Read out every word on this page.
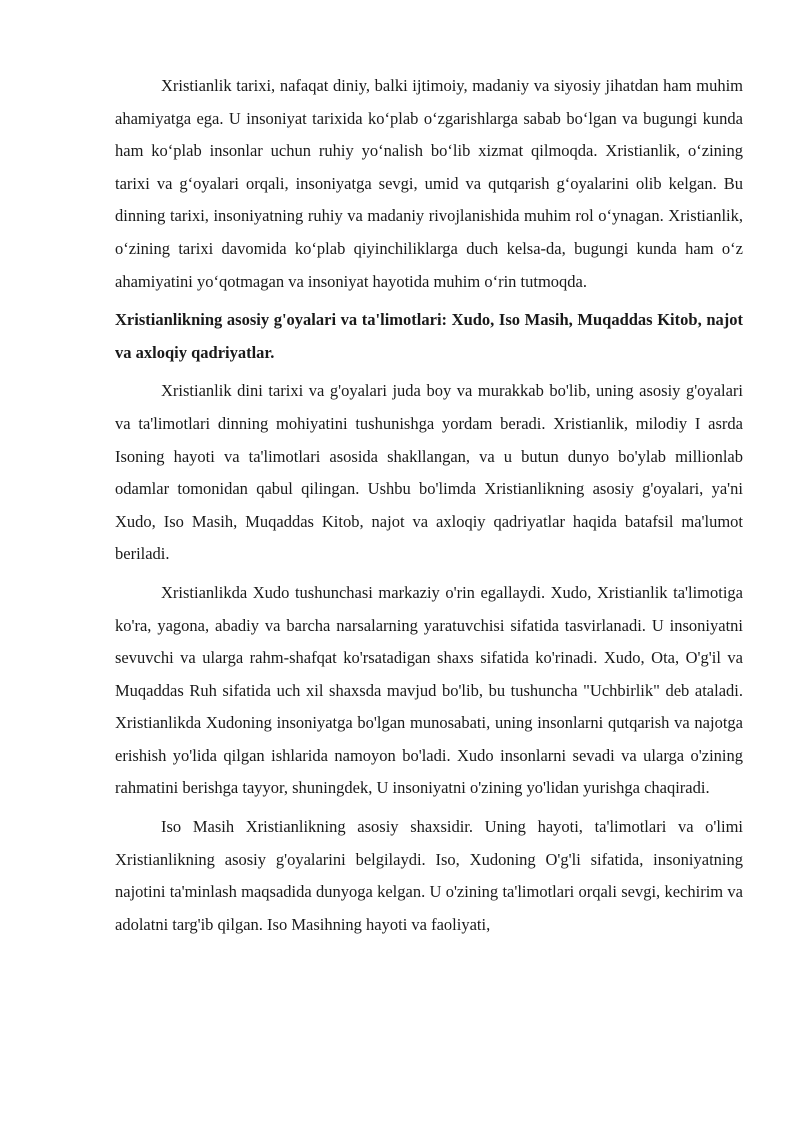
Xristianlik tarixi, nafaqat diniy, balki ijtimoiy, madaniy va siyosiy jihatdan ham muhim ahamiyatga ega. U insoniyat tarixida koʻplab oʻzgarishlarga sabab boʻlgan va bugungi kunda ham koʻplab insonlar uchun ruhiy yoʻnalish boʻlib xizmat qilmoqda. Xristianlik, oʻzining tarixi va gʻoyalari orqali, insoniyatga sevgi, umid va qutqarish gʻoyalarini olib kelgan. Bu dinning tarixi, insoniyatning ruhiy va madaniy rivojlanishida muhim rol oʻynagan. Xristianlik, oʻzining tarixi davomida koʻplab qiyinchiliklarga duch kelsa-da, bugungi kunda ham oʻz ahamiyatini yoʻqotmagan va insoniyat hayotida muhim oʻrin tutmoqda.

Xristianlikning asosiy g'oyalari va ta'limotlari: Xudo, Iso Masih, Muqaddas Kitob, najot va axloqiy qadriyatlar.

Xristianlik dini tarixi va g'oyalari juda boy va murakkab bo'lib, uning asosiy g'oyalari va ta'limotlari dinning mohiyatini tushunishga yordam beradi. Xristianlik, milodiy I asrda Isoning hayoti va ta'limotlari asosida shakllangan, va u butun dunyo bo'ylab millionlab odamlar tomonidan qabul qilingan. Ushbu bo'limda Xristianlikning asosiy g'oyalari, ya'ni Xudo, Iso Masih, Muqaddas Kitob, najot va axloqiy qadriyatlar haqida batafsil ma'lumot beriladi.

Xristianlikda Xudo tushunchasi markaziy o'rin egallaydi. Xudo, Xristianlik ta'limotiga ko'ra, yagona, abadiy va barcha narsalarning yaratuvchisi sifatida tasvirlanadi. U insoniyatni sevuvchi va ularga rahm-shafqat ko'rsatadigan shaxs sifatida ko'rinadi. Xudo, Ota, O'g'il va Muqaddas Ruh sifatida uch xil shaxsda mavjud bo'lib, bu tushuncha "Uchbirlik" deb ataladi. Xristianlikda Xudoning insoniyatga bo'lgan munosabati, uning insonlarni qutqarish va najotga erishish yo'lida qilgan ishlarida namoyon bo'ladi. Xudo insonlarni sevadi va ularga o'zining rahmatini berishga tayyor, shuningdek, U insoniyatni o'zining yo'lidan yurishga chaqiradi.

Iso Masih Xristianlikning asosiy shaxsidir. Uning hayoti, ta'limotlari va o'limi Xristianlikning asosiy g'oyalarini belgilaydi. Iso, Xudoning O'g'li sifatida, insoniyatning najotini ta'minlash maqsadida dunyoga kelgan. U o'zining ta'limotlari orqali sevgi, kechirim va adolatni targ'ib qilgan. Iso Masihning hayoti va faoliyati,
